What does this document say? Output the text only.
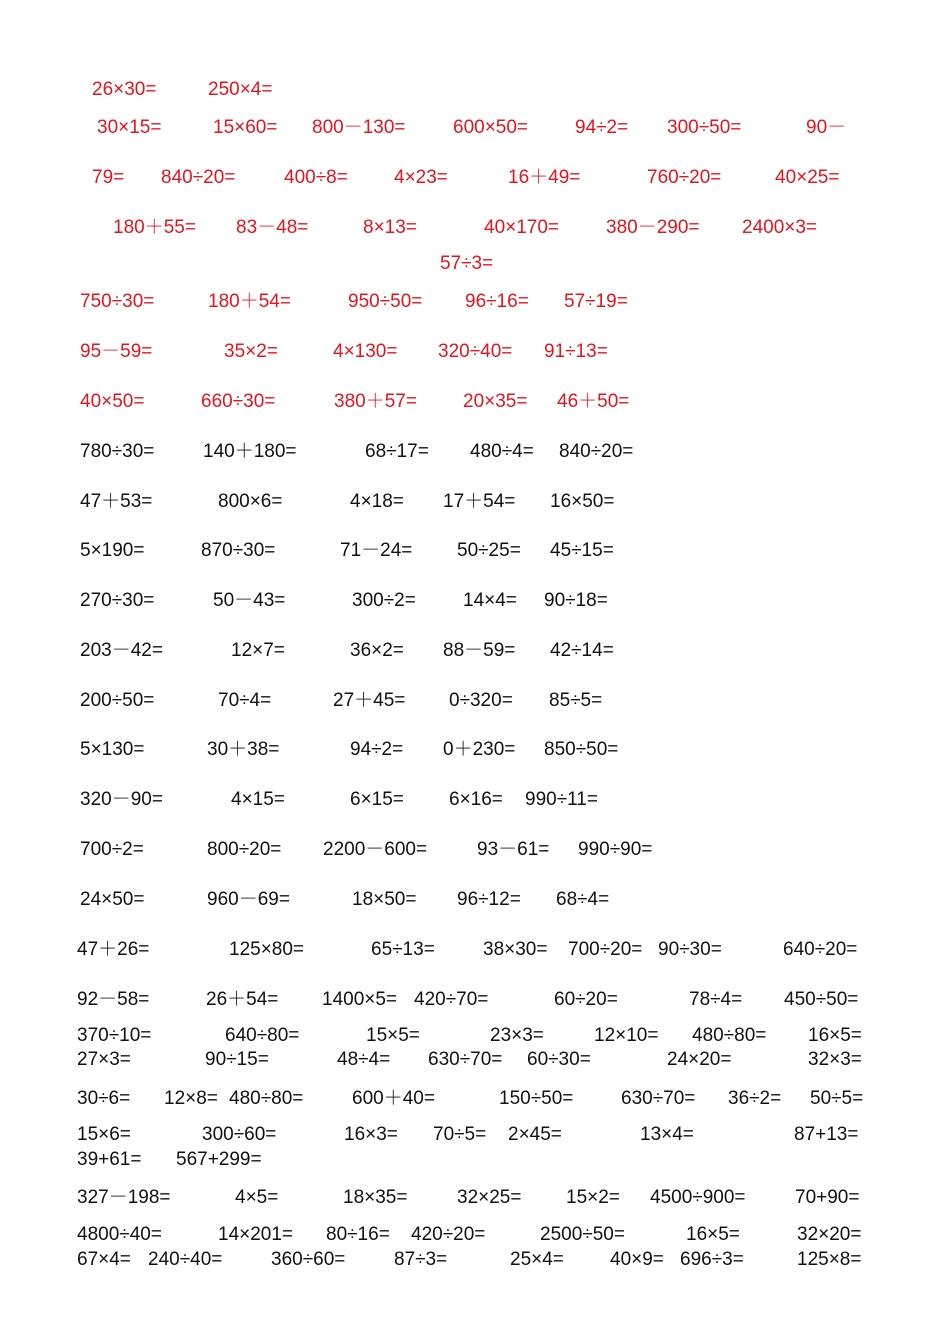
26×30=	250×4=
30×15=	15×60= 800－130=	600×50= 94÷2= 300÷50=	90－
79= 840÷20=	400÷8= 4×23=	16＋49=	760÷20=	40×25=
180＋55= 83－48=	8×13=	40×170= 380－290= 2400×3=
57÷3=
750÷30=	180＋54=	950÷50= 96÷16= 57÷19=
95－59=	35×2=	4×130= 320÷40= 91÷13=
40×50=	660÷30=	380＋57= 20×35= 46＋50=
780÷30=	140＋180=	68÷17= 480÷4= 840÷20=
47＋53=	800×6=	4×18= 17＋54= 16×50=
5×190=	870÷30=	71－24= 50÷25= 45÷15=
270÷30=	50－43=	300÷2= 14×4= 90÷18=
203－42=	12×7=	36×2= 88－59= 42÷14=
200÷50=	70÷4=	27＋45= 0÷320= 85÷5=
5×130=	30＋38=	94÷2= 0＋230= 850÷50=
320－90=	4×15=	6×15= 6×16= 990÷11=
700÷2=	800÷20= 2200－600=	93－61= 990÷90=
24×50=	960－69=	18×50= 96÷12= 68÷4=
47＋26=	125×80=	65÷13=	38×30= 700÷20= 90÷30=	640÷20=
92－58=	26＋54= 1400×5= 420÷70=	60÷20=	78÷4= 450÷50=
370÷10=	640÷80=	15×5=	23×3=	12×10= 480÷80= 16×5=
27×3=	90÷15=	48÷4= 630÷70= 60÷30=	24×20=	32×3=
30÷6= 12×8= 480÷80=	600＋40=	150÷50=	630÷70= 36÷2= 50÷5=
15×6=	300÷60=	16×3= 70÷5= 2×45=	13×4=	87+13=
39+61= 567+299=
327－198=	4×5=	18×35=	32×25= 15×2= 4500÷900=	70+90=
4800÷40=	14×201= 80÷16= 420÷20=	2500÷50=	16×5=	32×20=
67×4= 240÷40=	360÷60=	87÷3=	25×4= 40×9= 696÷3=	125×8=
